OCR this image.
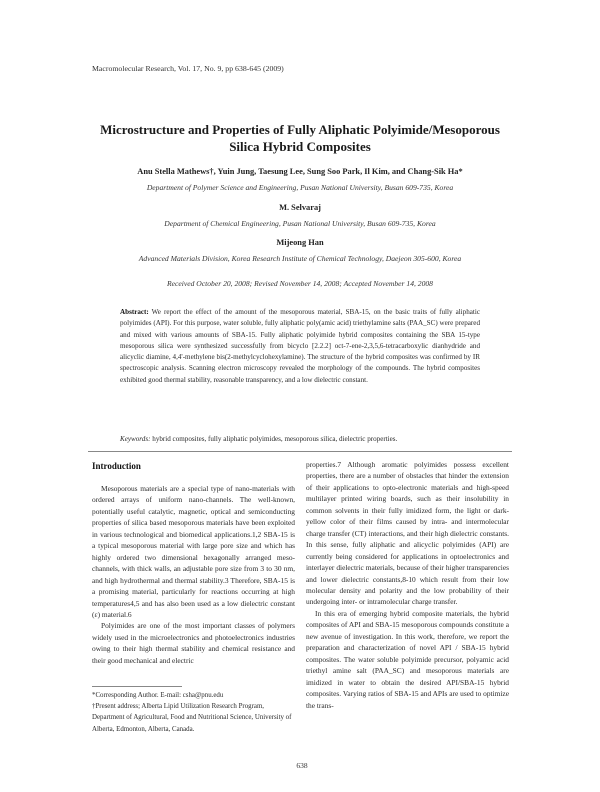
Macromolecular Research, Vol. 17, No. 9, pp 638-645 (2009)
Microstructure and Properties of Fully Aliphatic Polyimide/Mesoporous
Silica Hybrid Composites
Anu Stella Mathews†, Yuin Jung, Taesung Lee, Sung Soo Park, Il Kim, and Chang-Sik Ha*
Department of Polymer Science and Engineering, Pusan National University, Busan 609-735, Korea
M. Selvaraj
Department of Chemical Engineering, Pusan National University, Busan 609-735, Korea
Mijeong Han
Advanced Materials Division, Korea Research Institute of Chemical Technology, Daejeon 305-600, Korea
Received October 20, 2008; Revised November 14, 2008; Accepted November 14, 2008
Abstract: We report the effect of the amount of the mesoporous material, SBA-15, on the basic traits of fully aliphatic polyimides (API). For this purpose, water soluble, fully aliphatic poly(amic acid) triethylamine salts (PAA_SC) were prepared and mixed with various amounts of SBA-15. Fully aliphatic polyimide hybrid composites containing the SBA 15-type mesoporous silica were synthesized successfully from bicyclo [2.2.2] oct-7-ene-2,3,5,6-tetracarboxylic dianhydride and alicyclic diamine, 4,4'-methylene bis(2-methylcyclohexylamine). The structure of the hybrid composites was confirmed by IR spectroscopic analysis. Scanning electron microscopy revealed the morphology of the compounds. The hybrid composites exhibited good thermal stability, reasonable transparency, and a low dielectric constant.
Keywords: hybrid composites, fully aliphatic polyimides, mesoporous silica, dielectric properties.
Introduction

Mesoporous materials are a special type of nano-materials with ordered arrays of uniform nano-channels. The well-known, potentially useful catalytic, magnetic, optical and semiconducting properties of silica based mesoporous materials have been exploited in various technological and biomedical applications.1,2 SBA-15 is a typical mesoporous material with large pore size and which has highly ordered two dimensional hexagonally arranged meso-channels, with thick walls, an adjustable pore size from 3 to 30 nm, and high hydrothermal and thermal stability.3 Therefore, SBA-15 is a promising material, particularly for reactions occurring at high temperatures4,5 and has also been used as a low dielectric constant (ε) material.6

Polyimides are one of the most important classes of polymers widely used in the microelectronics and photoelectronics industries owing to their high thermal stability and chemical resistance and their good mechanical and electric

properties.7 Although aromatic polyimides possess excellent properties, there are a number of obstacles that hinder the extension of their applications to opto-electronic materials and high-speed multilayer printed wiring boards, such as their insolubility in common solvents in their fully imidized form, the light or dark-yellow color of their films caused by intra- and intermolecular charge transfer (CT) interactions, and their high dielectric constants. In this sense, fully aliphatic and alicyclic polyimides (API) are currently being considered for applications in optoelectronics and interlayer dielectric materials, because of their higher transparencies and lower dielectric constants,8-10 which result from their low molecular density and polarity and the low probability of their undergoing inter- or intramolecular charge transfer.

In this era of emerging hybrid composite materials, the hybrid composites of API and SBA-15 mesoporous compounds constitute a new avenue of investigation. In this work, therefore, we report the preparation and characterization of novel API / SBA-15 hybrid composites. The water soluble polyimide precursor, polyamic acid triethyl amine salt (PAA_SC) and mesoporous materials are imidized in water to obtain the desired API/SBA-15 hybrid composites. Varying ratios of SBA-15 and APIs are used to optimize the trans-

*Corresponding Author. E-mail: csha@pnu.edu
†Present address; Alberta Lipid Utilization Research Program, Department of Agricultural, Food and Nutritional Science, University of Alberta, Edmonton, Alberta, Canada.
638
